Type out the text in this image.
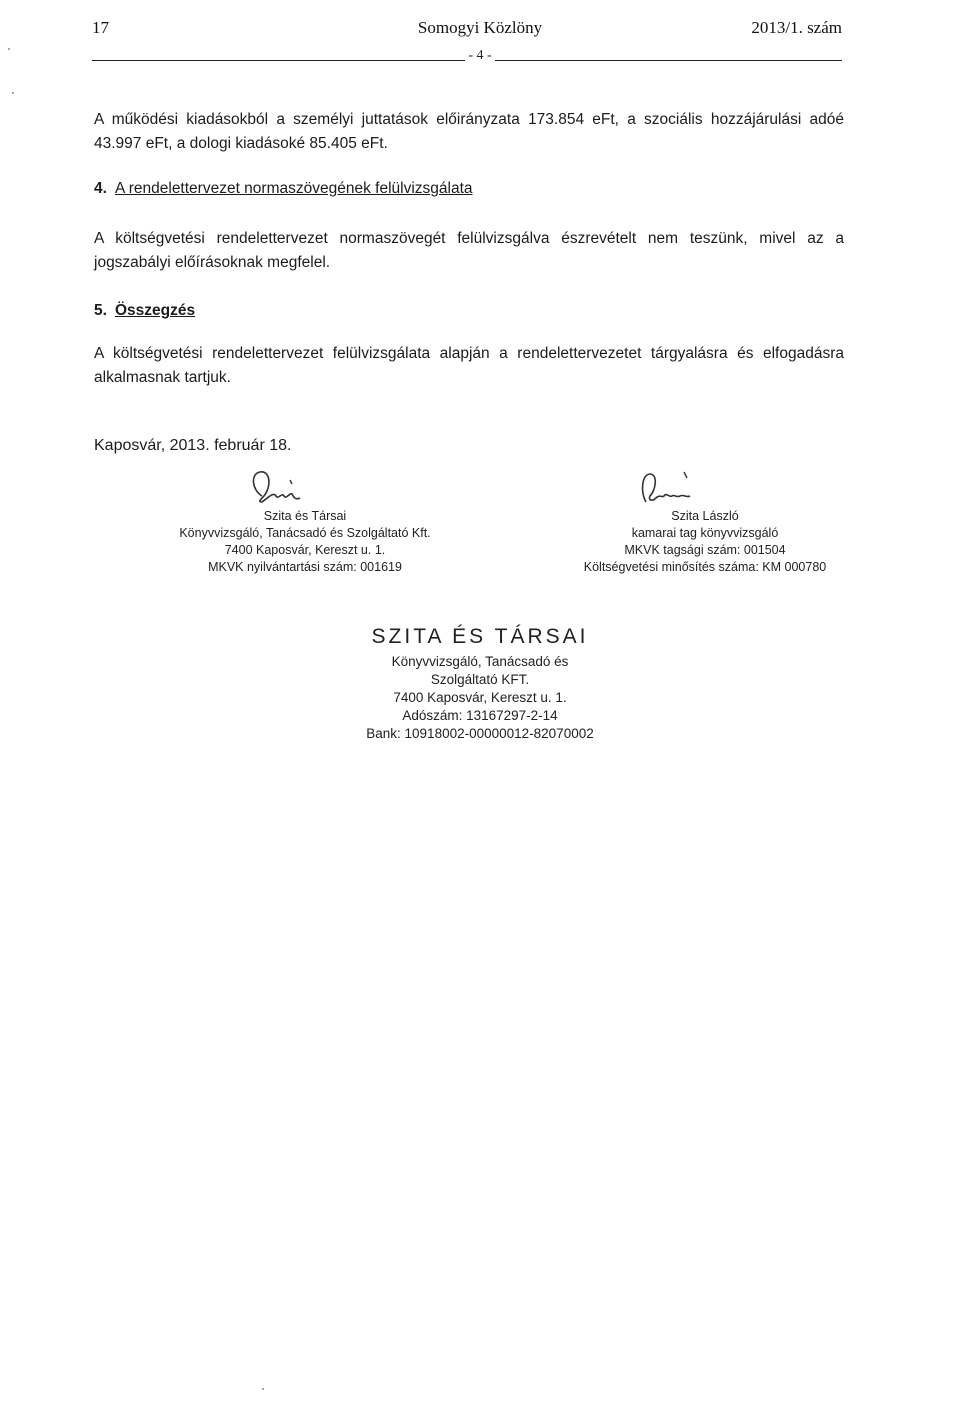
17	Somogyi Közlöny	2013/1. szám
- 4 -
A működési kiadásokból a személyi juttatások előirányzata 173.854 eFt, a szociális hozzájárulási adóé 43.997 eFt, a dologi kiadásoké 85.405 eFt.
4. A rendelettervezet normaszövegének felülvizsgálata
A költségvetési rendelettervezet normaszövegét felülvizsgálva észrevételt nem teszünk, mivel az a jogszabályi előírásoknak megfelel.
5. Összegzés
A költségvetési rendelettervezet felülvizsgálata alapján a rendelettervezetet tárgyalásra és elfogadásra alkalmasnak tartjuk.
Kaposvár, 2013. február 18.
Szita és Társai
Könyvvizsgáló, Tanácsadó és Szolgáltató Kft.
7400 Kaposvár, Kereszt u. 1.
MKVK nyilvántartási szám: 001619
Szita László
kamarai tag könyvvizsgáló
MKVK tagsági szám: 001504
Költségvetési minősítés száma: KM 000780
SZITA ÉS TÁRSAI
Könyvvizsgáló, Tanácsadó és
Szolgáltató KFT.
7400 Kaposvár, Kereszt u. 1.
Adószám: 13167297-2-14
Bank: 10918002-00000012-82070002
